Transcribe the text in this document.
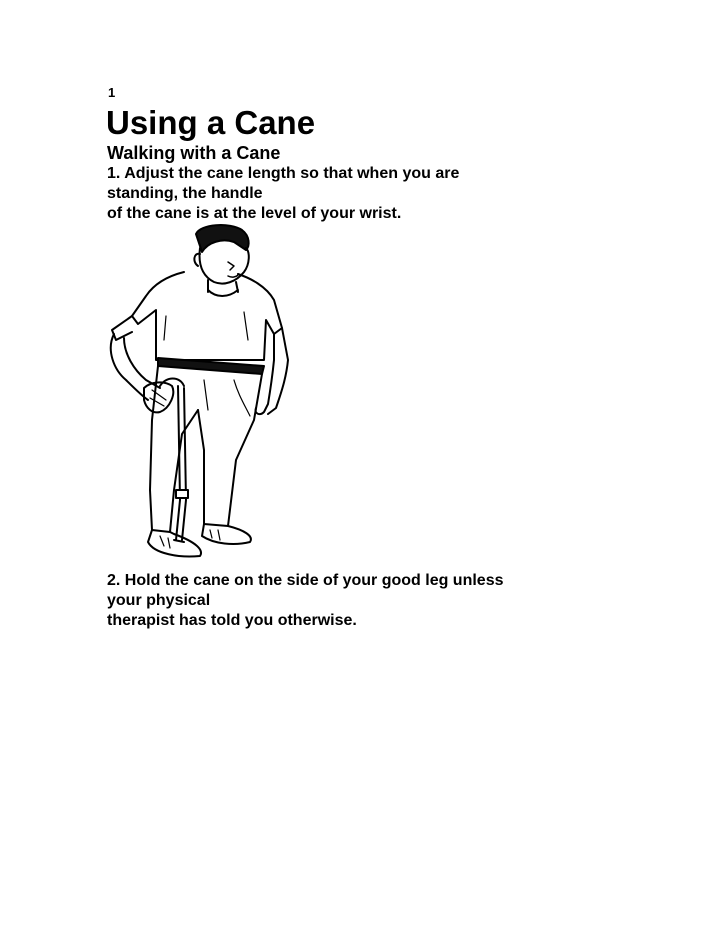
1
Using a Cane
Walking with a Cane

1. Adjust the cane length so that when you are
standing, the handle
of the cane is at the level of your wrist.

2. Hold the cane on the side of your good leg unless
your physical
therapist has told you otherwise.
